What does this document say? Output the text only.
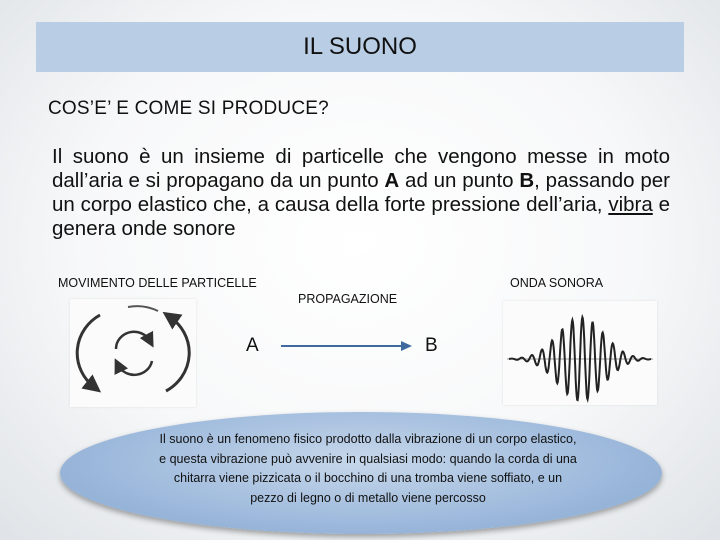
IL SUONO
COS’E’ E COME SI PRODUCE?
Il suono è un insieme di particelle che vengono messe in moto dall’aria e si propagano da un punto A ad un punto B, passando per un corpo elastico che, a causa della forte pressione dell’aria, vibra e genera onde sonore
MOVIMENTO DELLE PARTICELLE	ONDA SONORA
PROPAGAZIONE
A	B
Il suono è un fenomeno fisico prodotto dalla vibrazione di un corpo elastico, e questa vibrazione può avvenire in qualsiasi modo: quando la corda di una chitarra viene pizzicata o il bocchino di una tromba viene soffiato, e un pezzo di legno o di metallo viene percosso
